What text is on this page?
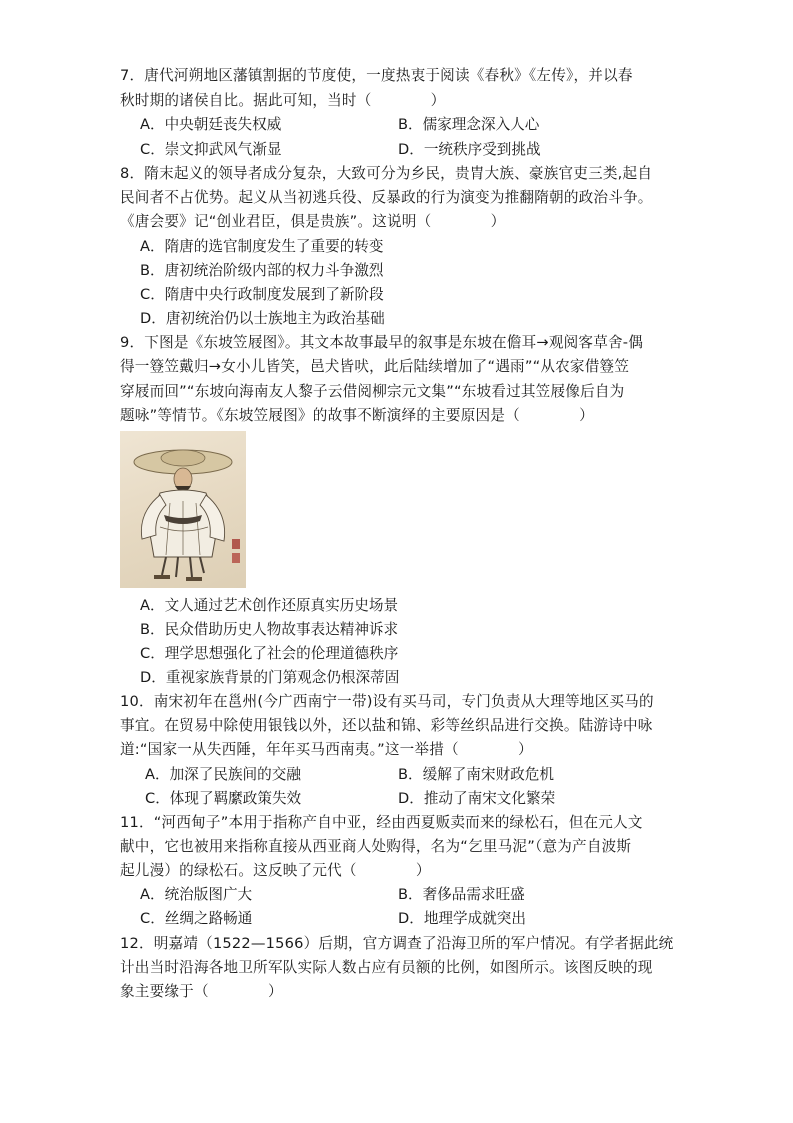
7．唐代河朔地区藩镇割据的节度使，一度热衷于阅读《春秋》《左传》，并以春
秋时期的诸侯自比。据此可知，当时（　　　　）
A．中央朝廷丧失权威	B．儒家理念深入人心
C．崇文抑武风气渐显	D．一统秩序受到挑战
8．隋末起义的领导者成分复杂，大致可分为乡民，贵胄大族、豪族官吏三类,起自
民间者不占优势。起义从当初逃兵役、反暴政的行为演变为推翻隋朝的政治斗争。
《唐会要》记“创业君臣，俱是贵族”。这说明（　　　　）
A．隋唐的选官制度发生了重要的转变
B．唐初统治阶级内部的权力斗争激烈
C．隋唐中央行政制度发展到了新阶段
D．唐初统治仍以士族地主为政治基础
9．下图是《东坡笠屐图》。其文本故事最早的叙事是东坡在儋耳→观阅客草舍-偶
得一簦笠戴归→女小儿皆笑，邑犬皆吠，此后陆续增加了“遇雨”“从农家借簦笠
穿屐而回”“东坡向海南友人黎子云借阅柳宗元文集”“东坡看过其笠屐像后自为
题咏”等情节。《东坡笠屐图》的故事不断演绎的主要原因是（　　　　）
A．文人通过艺术创作还原真实历史场景
B．民众借助历史人物故事表达精神诉求
C．理学思想强化了社会的伦理道德秩序
D．重视家族背景的门第观念仍根深蒂固
10．南宋初年在邕州(今广西南宁一带)设有买马司，专门负责从大理等地区买马的
事宜。在贸易中除使用银钱以外，还以盐和锦、彩等丝织品进行交换。陆游诗中咏
道:“国家一从失西陲，年年买马西南夷。”这一举措（　　　　）
A．加深了民族间的交融	B．缓解了南宋财政危机
C．体现了羁縻政策失效	D．推动了南宋文化繁荣
11．“河西甸子”本用于指称产自中亚，经由西夏贩卖而来的绿松石，但在元人文
献中，它也被用来指称直接从西亚商人处购得，名为“乞里马泥”（意为产自波斯
起儿漫）的绿松石。这反映了元代（　　　　）
A．统治版图广大	B．奢侈品需求旺盛
C．丝绸之路畅通	D．地理学成就突出
12．明嘉靖（1522—1566）后期，官方调查了沿海卫所的军户情况。有学者据此统
计出当时沿海各地卫所军队实际人数占应有员额的比例，如图所示。该图反映的现
象主要缘于（　　　　）
